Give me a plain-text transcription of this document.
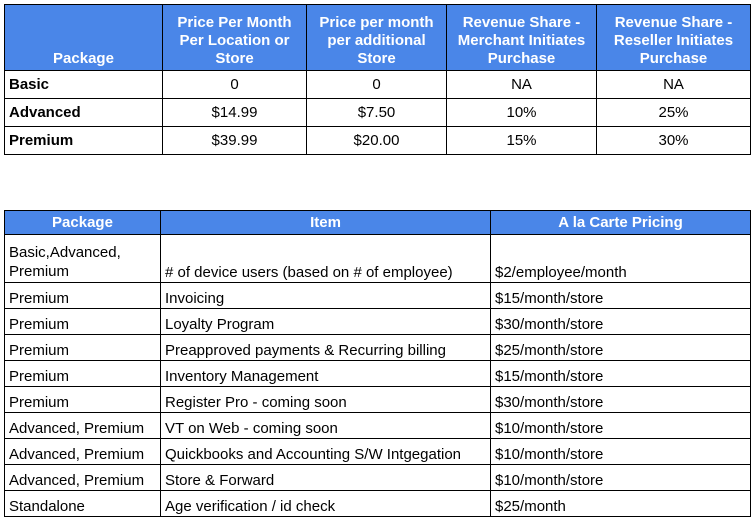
Package	Price Per Month Per Location or Store	Price per month per additional Store	Revenue Share - Merchant Initiates Purchase	Revenue Share - Reseller Initiates Purchase
Basic	0	0	NA	NA
Advanced	$14.99	$7.50	10%	25%
Premium	$39.99	$20.00	15%	30%
Package	Item	A la Carte Pricing
Basic,Advanced, Premium	# of device users (based on # of employee)	$2/employee/month
Premium	Invoicing	$15/month/store
Premium	Loyalty Program	$30/month/store
Premium	Preapproved payments & Recurring billing	$25/month/store
Premium	Inventory Management	$15/month/store
Premium	Register Pro - coming soon	$30/month/store
Advanced, Premium	VT on Web - coming soon	$10/month/store
Advanced, Premium	Quickbooks and Accounting S/W Intgegation	$10/month/store
Advanced, Premium	Store & Forward	$10/month/store
Standalone	Age verification / id check	$25/month
